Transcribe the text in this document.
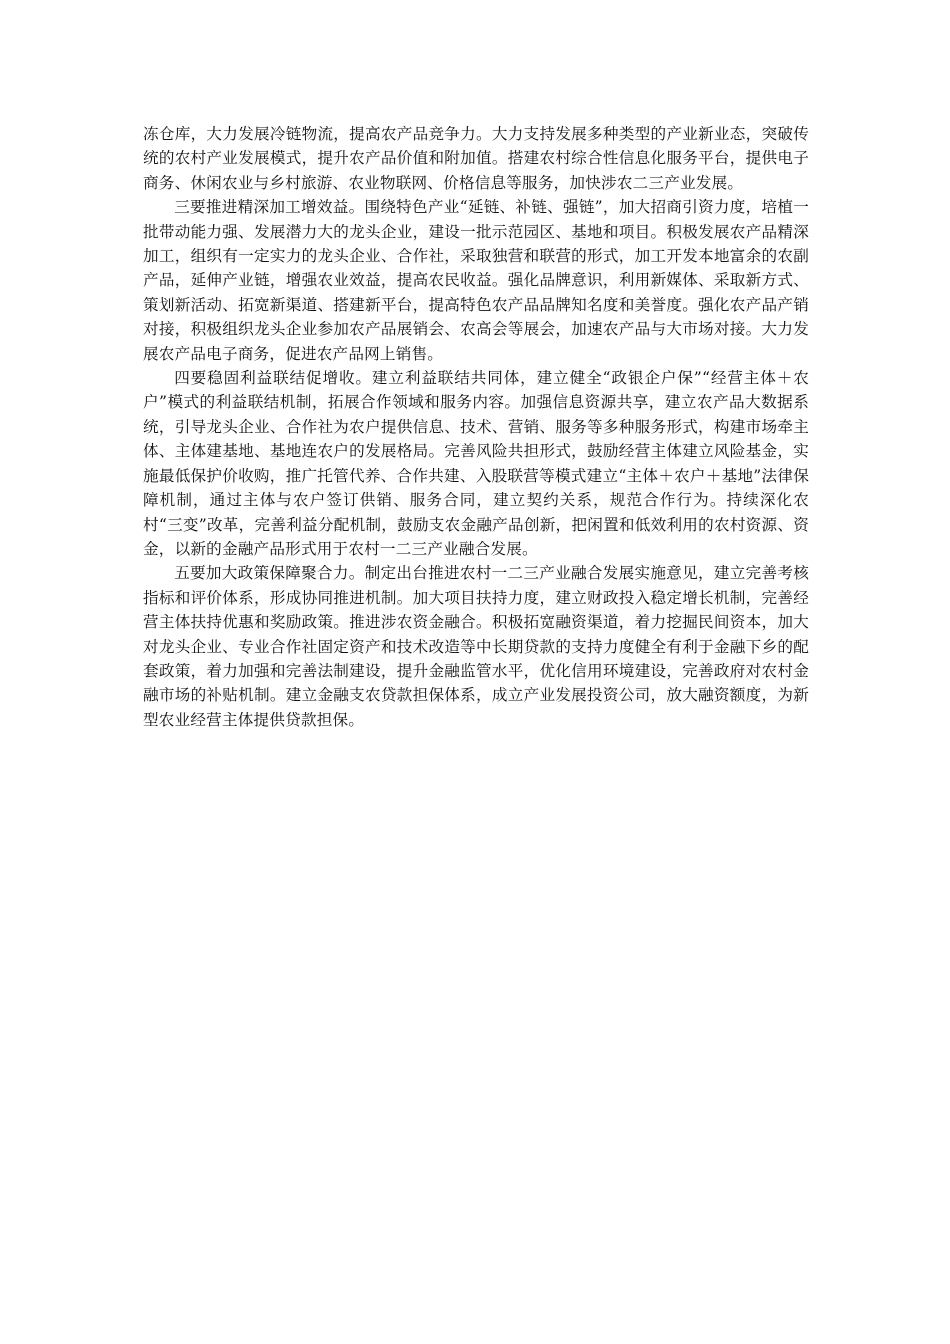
冻仓库，大力发展冷链物流，提高农产品竞争力。大力支持发展多种类型的产业新业态，突破传统的农村产业发展模式，提升农产品价值和附加值。搭建农村综合性信息化服务平台，提供电子商务、休闲农业与乡村旅游、农业物联网、价格信息等服务，加快涉农二三产业发展。

三要推进精深加工增效益。围绕特色产业“延链、补链、强链”，加大招商引资力度，培植一批带动能力强、发展潜力大的龙头企业，建设一批示范园区、基地和项目。积极发展农产品精深加工，组织有一定实力的龙头企业、合作社，采取独营和联营的形式，加工开发本地富余的农副产品，延伸产业链，增强农业效益，提高农民收益。强化品牌意识，利用新媒体、采取新方式、策划新活动、拓宽新渠道、搭建新平台，提高特色农产品品牌知名度和美誉度。强化农产品产销对接，积极组织龙头企业参加农产品展销会、农高会等展会，加速农产品与大市场对接。大力发展农产品电子商务，促进农产品网上销售。

四要稳固利益联结促增收。建立利益联结共同体，建立健全“政银企户保”“经营主体＋农户”模式的利益联结机制，拓展合作领域和服务内容。加强信息资源共享，建立农产品大数据系统，引导龙头企业、合作社为农户提供信息、技术、营销、服务等多种服务形式，构建市场牵主体、主体建基地、基地连农户的发展格局。完善风险共担形式，鼓励经营主体建立风险基金，实施最低保护价收购，推广托管代养、合作共建、入股联营等模式建立“主体＋农户＋基地”法律保障机制，通过主体与农户签订供销、服务合同，建立契约关系，规范合作行为。持续深化农村“三变”改革，完善利益分配机制，鼓励支农金融产品创新，把闲置和低效利用的农村资源、资金，以新的金融产品形式用于农村一二三产业融合发展。

五要加大政策保障聚合力。制定出台推进农村一二三产业融合发展实施意见，建立完善考核指标和评价体系，形成协同推进机制。加大项目扶持力度，建立财政投入稳定增长机制，完善经营主体扶持优惠和奖励政策。推进涉农资金融合。积极拓宽融资渠道，着力挖掘民间资本，加大对龙头企业、专业合作社固定资产和技术改造等中长期贷款的支持力度健全有利于金融下乡的配套政策，着力加强和完善法制建设，提升金融监管水平，优化信用环境建设，完善政府对农村金融市场的补贴机制。建立金融支农贷款担保体系，成立产业发展投资公司，放大融资额度，为新型农业经营主体提供贷款担保。
